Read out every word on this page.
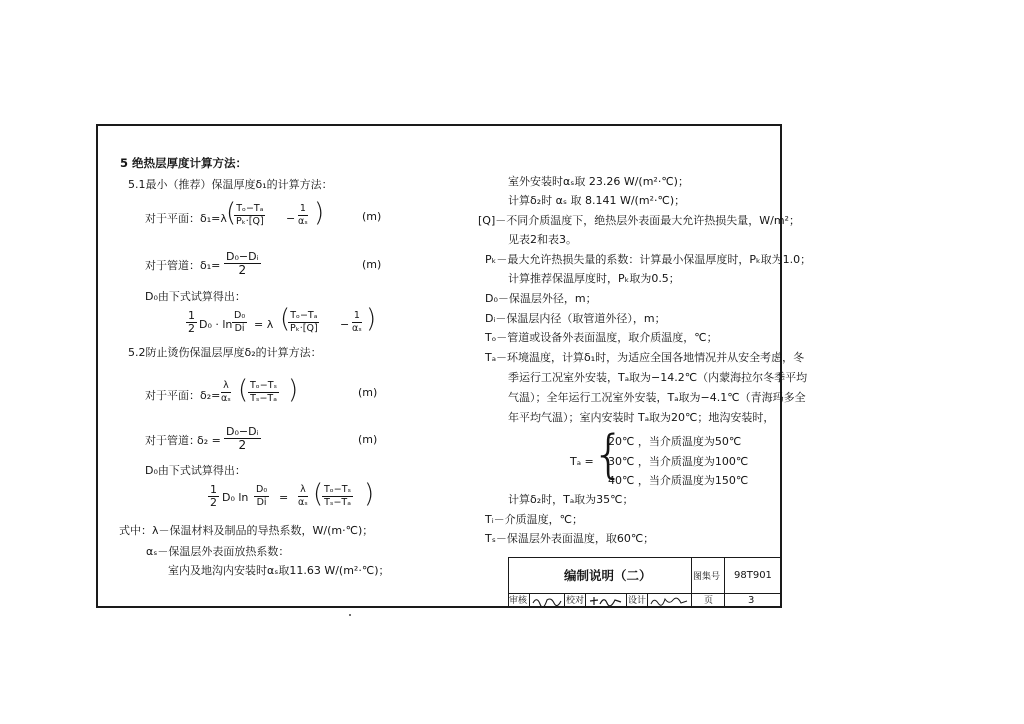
5 绝热层厚度计算方法：
5.1最小（推荐）保温厚度δ₁的计算方法：
对于平面： δ₁=λ (
$\frac{\text{Tₒ−Tₐ}}{\text{Pₖ·[Q]}} - \frac{1}{\text{αₛ}}$ )	(m)
对于管道： $\delta_1= \frac{\text{D₀−Dᵢ}}{2}$	(m)
D₀由下式试算得出：
$\frac{1}{2} D_0 \cdot \ln \frac{\text{D₀}}{Di} = \lambda$ (
$\frac{\text{Tₒ−Tₐ}}{\text{Pₖ·[Q]}} - \frac{1}{\text{αₛ}}$ )
5.2防止烫伤保温层厚度δ₂的计算方法：
对于平面： δ₂=
$\frac{\lambda}{\text{αₛ}}$ ( $\frac{\text{Tₒ−Tₛ}}{\text{Tₛ−Tₐ}}$ )	(m)
对于管道：
$\delta_2 = \frac{\text{D₀−Dᵢ}}{2}$	(m)
D₀由下式试算得出：
$\frac{1}{2} D_0$ $\ln \frac{\text{D₀}}{Di} = \frac{\lambda}{\text{αₛ}}$ (
$\frac{\text{Tₒ−Tₛ}}{\text{Tₛ−Tₐ}}$ )
式中：λ－保温材料及制品的导热系数，W/(m·℃)；
αₛ－保温层外表面放热系数：
室内及地沟内安装时αₛ取11.63 W/(m²·℃)；
室外安装时αₛ取 23.26 W/(m²·℃)；
计算δ₂时 αₛ 取 8.141 W/(m²·℃)；
[Q]－不同介质温度下，绝热层外表面最大允许热损失量，W/m²；
见表2和表3。
Pₖ－最大允许热损失量的系数：计算最小保温厚度时，Pₖ取为1.0；
计算推荐保温厚度时，Pₖ取为0.5；
D₀－保温层外径，m；
Dᵢ－保温层内径（取管道外径），m；
Tₒ－管道或设备外表面温度，取介质温度，℃；
Tₐ－环境温度，计算δ₁时，为适应全国各地情况并从安全考虑，冬
季运行工况室外安装，Tₐ取为−14.2℃（内蒙海拉尔冬季平均
气温）；全年运行工况室外安装，Tₐ取为−4.1℃（青海玛多全
年平均气温）；室内安装时 Tₐ取为20℃；地沟安装时，
Tₐ =
{
20℃ ，当介质温度为50℃
30℃ ，当介质温度为100℃
40℃ ，当介质温度为150℃
计算δ₂时，Tₐ取为35℃；
Tᵢ－介质温度，℃；
Tₛ－保温层外表面温度，取60℃；
编制说明（二）	图集号 98T901
审核	校对	设计	页	3
